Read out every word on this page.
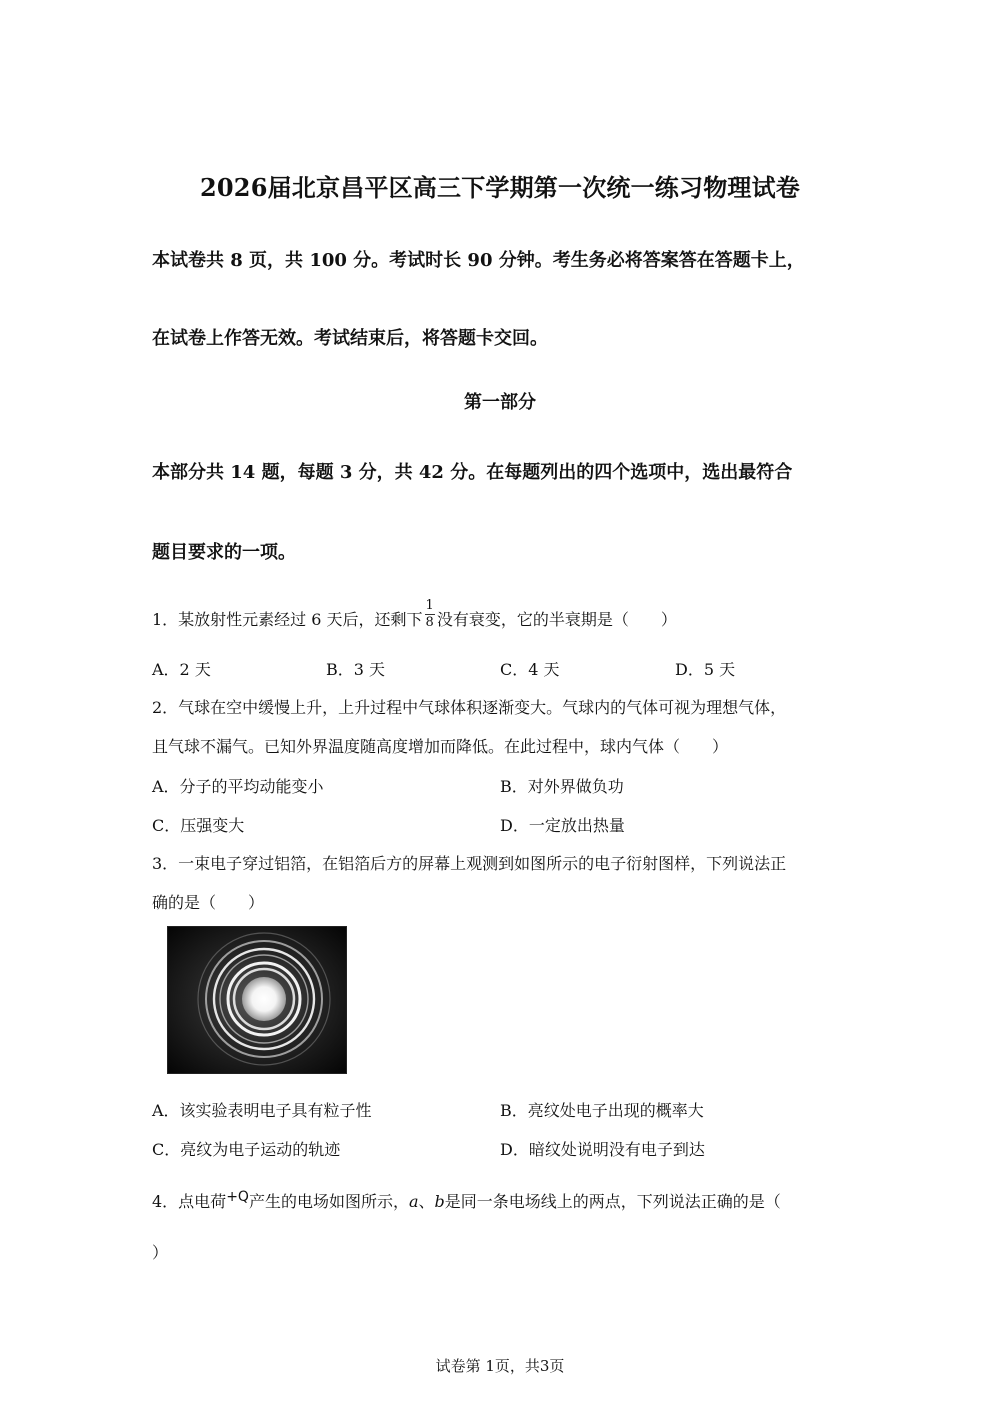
2026届北京昌平区高三下学期第一次统一练习物理试卷
本试卷共 8 页，共 100 分。考试时长 90 分钟。考生务必将答案答在答题卡上，
在试卷上作答无效。考试结束后，将答题卡交回。
第一部分
本部分共 14 题，每题 3 分，共 42 分。在每题列出的四个选项中，选出最符合
题目要求的一项。
1．某放射性元素经过 6 天后，还剩下 $\frac{1}{8}$ 没有衰变，它的半衰期是（　　）
A．2 天	B．3 天	C．4 天	D．5 天
2．气球在空中缓慢上升，上升过程中气球体积逐渐变大。气球内的气体可视为理想气体，
且气球不漏气。已知外界温度随高度增加而降低。在此过程中，球内气体（　　）
A．分子的平均动能变小	B．对外界做负功
C．压强变大	D．一定放出热量
3．一束电子穿过铝箔，在铝箔后方的屏幕上观测到如图所示的电子衍射图样，下列说法正
确的是（　　）
A．该实验表明电子具有粒子性	B．亮纹处电子出现的概率大
C．亮纹为电子运动的轨迹	D．暗纹处说明没有电子到达
4．点电荷+Q产生的电场如图所示，a、b是同一条电场线上的两点，下列说法正确的是（
）
试卷第 1页，共3页
